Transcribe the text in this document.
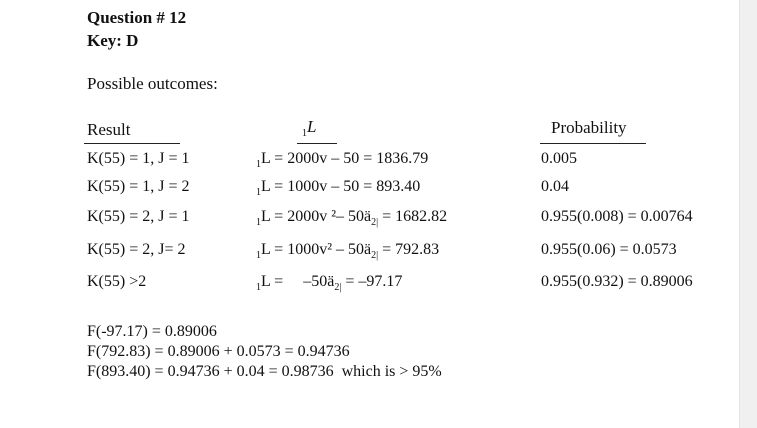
Question # 12
Key: D
Possible outcomes:
Result	$_1$L	Probability
K(55) = 1, J = 1	$_1$L = 2000v – 50 = 1836.79	0.005
K(55) = 1, J = 2	$_1$L = 1000v – 50 = 893.40	0.04
K(55) = 2, J = 1	$_1$L = 2000v ²– $50ä_{2|} = 1682.82$	0.955(0.008) = 0.00764
K(55) = 2, J= 2	$_1L = 1000v^2 - 50ä_{2|} = 792.83$	0.955(0.06) = 0.0573
K(55) >2	$_1$L =     $-50ä_{2|} = -97.17$	0.955(0.932) = 0.89006
F(-97.17) = 0.89006
F(792.83) = 0.89006 + 0.0573 = 0.94736
F(893.40) = 0.94736 + 0.04 = 0.98736  which is > 95%
